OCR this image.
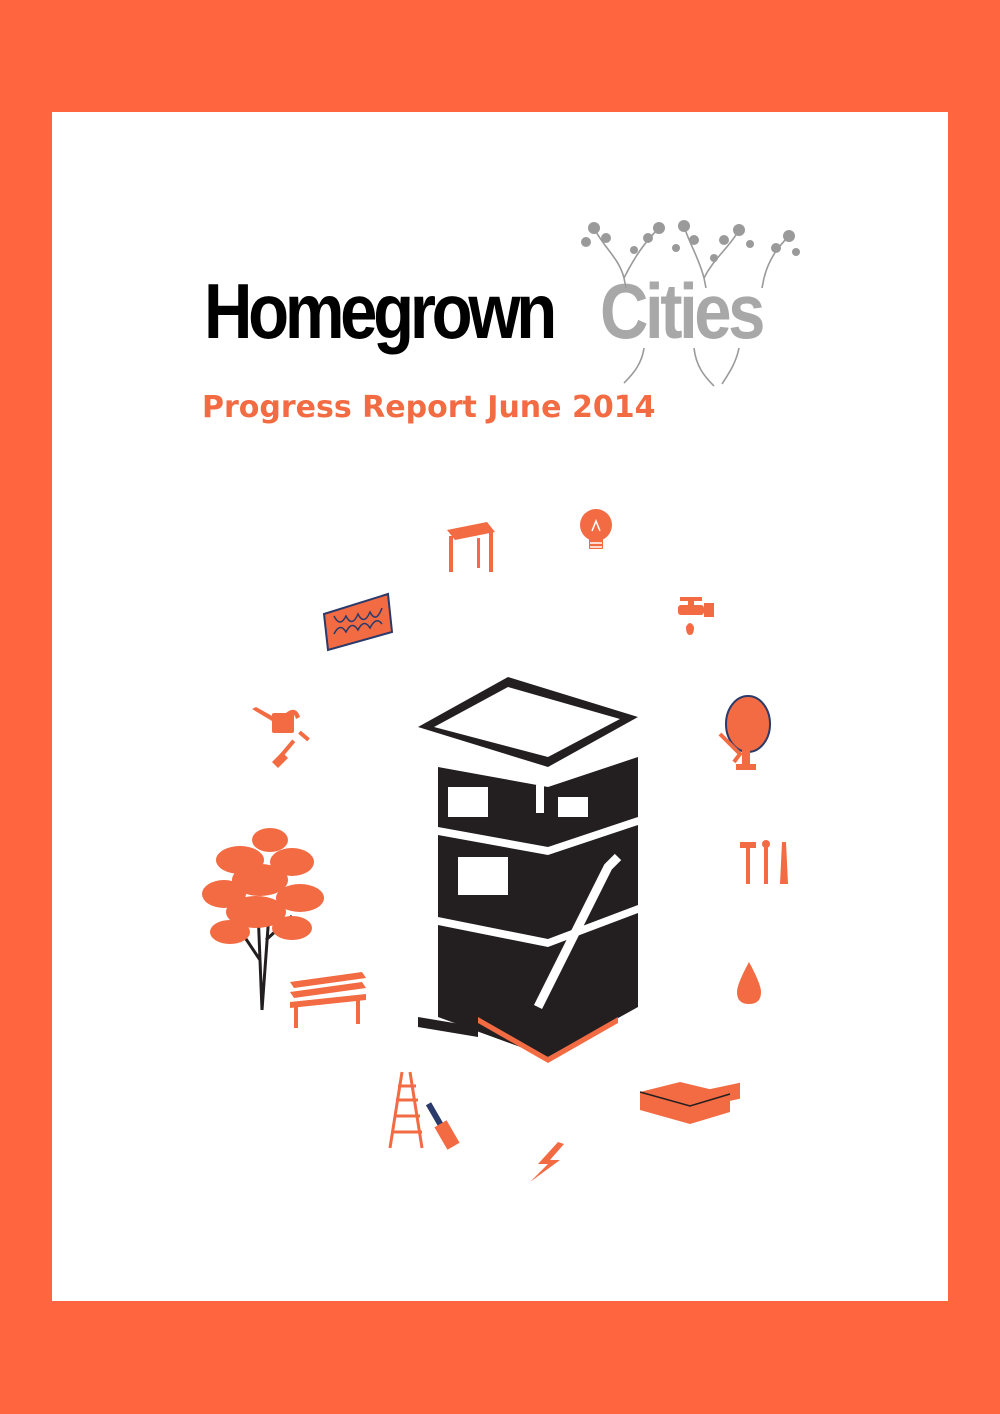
Homegrown Cities
Progress Report June 2014
